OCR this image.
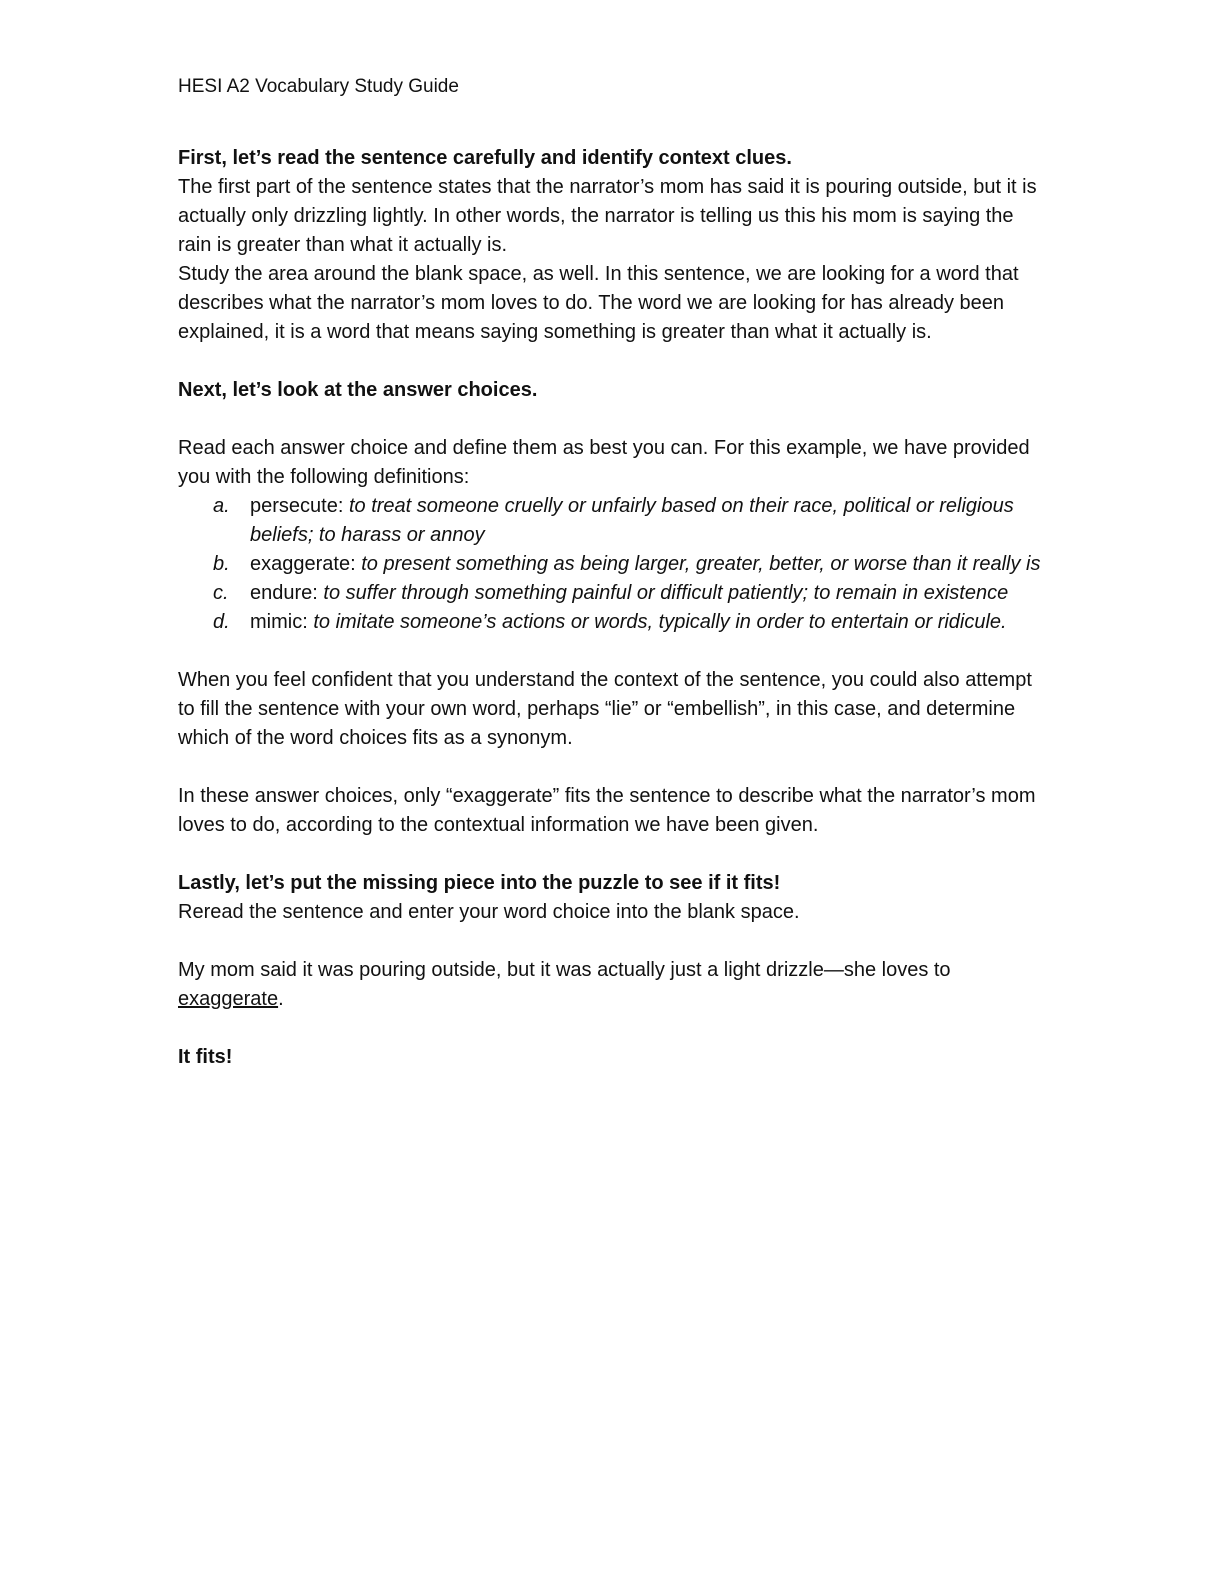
HESI A2 Vocabulary Study Guide

First, let’s read the sentence carefully and identify context clues.

The first part of the sentence states that the narrator’s mom has said it is pouring outside, but it is actually only drizzling lightly. In other words, the narrator is telling us this his mom is saying the rain is greater than what it actually is.

Study the area around the blank space, as well. In this sentence, we are looking for a word that describes what the narrator’s mom loves to do. The word we are looking for has already been explained, it is a word that means saying something is greater than what it actually is.

Next, let’s look at the answer choices.

Read each answer choice and define them as best you can. For this example, we have provided you with the following definitions:

a.	persecute: to treat someone cruelly or unfairly based on their race, political or religious beliefs; to harass or annoy
b.	exaggerate: to present something as being larger, greater, better, or worse than it really is
c.	endure: to suffer through something painful or difficult patiently; to remain in existence
d.	mimic: to imitate someone’s actions or words, typically in order to entertain or ridicule.

When you feel confident that you understand the context of the sentence, you could also attempt to fill the sentence with your own word, perhaps “lie” or “embellish”, in this case, and determine which of the word choices fits as a synonym.

In these answer choices, only “exaggerate” fits the sentence to describe what the narrator’s mom loves to do, according to the contextual information we have been given.

Lastly, let’s put the missing piece into the puzzle to see if it fits!

Reread the sentence and enter your word choice into the blank space.

My mom said it was pouring outside, but it was actually just a light drizzle—she loves to exaggerate.

It fits!
